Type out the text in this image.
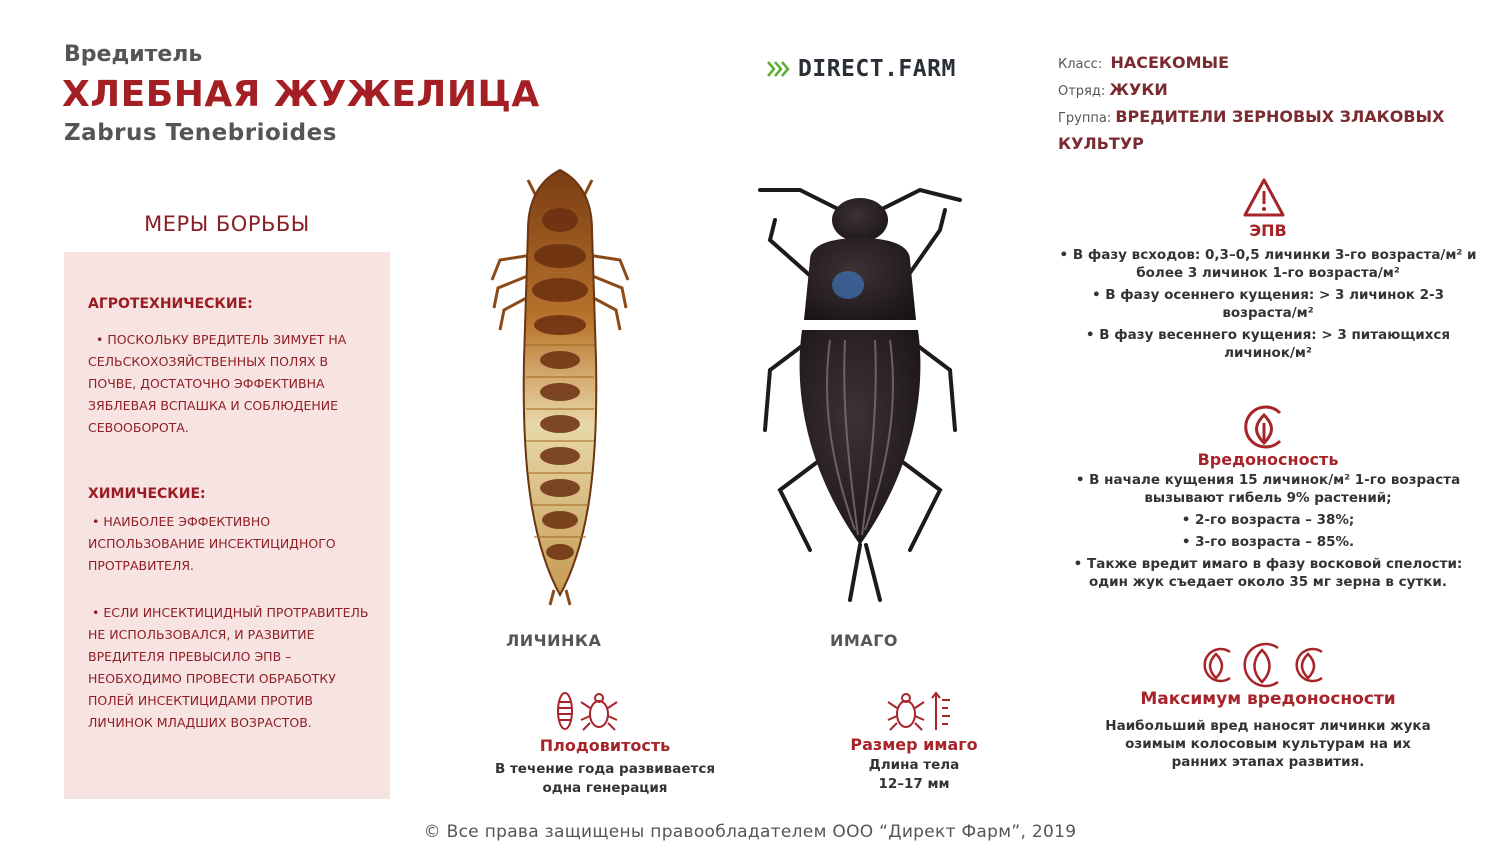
Вредитель
ХЛЕБНАЯ ЖУЖЕЛИЦА
Zabrus Tenebrioides
DIRECT.FARM	Класс: НАСЕКОМЫЕ
Отряд: ЖУКИ
Группа: ВРЕДИТЕЛИ ЗЕРНОВЫХ ЗЛАКОВЫХ КУЛЬТУР
МЕРЫ БОРЬБЫ
АГРОТЕХНИЧЕСКИЕ:
• ПОСКОЛЬКУ ВРЕДИТЕЛЬ ЗИМУЕТ НА СЕЛЬСКОХОЗЯЙСТВЕННЫХ ПОЛЯХ В ПОЧВЕ, ДОСТАТОЧНО ЭФФЕКТИВНА ЗЯБЛЕВАЯ ВСПАШКА И СОБЛЮДЕНИЕ СЕВООБОРОТА.
ХИМИЧЕСКИЕ:
• НАИБОЛЕЕ ЭФФЕКТИВНО ИСПОЛЬЗОВАНИЕ ИНСЕКТИЦИДНОГО ПРОТРАВИТЕЛЯ.
• ЕСЛИ ИНСЕКТИЦИДНЫЙ ПРОТРАВИТЕЛЬ НЕ ИСПОЛЬЗОВАЛСЯ, И РАЗВИТИЕ ВРЕДИТЕЛЯ ПРЕВЫСИЛО ЭПВ – НЕОБХОДИМО ПРОВЕСТИ ОБРАБОТКУ ПОЛЕЙ ИНСЕКТИЦИДАМИ ПРОТИВ ЛИЧИНОК МЛАДШИХ ВОЗРАСТОВ.
ЛИЧИНКА	ИМАГО
Плодовитость
В течение года развивается
одна генерация
Размер имаго
Длина тела
12–17 мм
ЭПВ
• В фазу всходов: 0,3–0,5 личинки 3-го возраста/м² и более 3 личинок 1-го возраста/м²
• В фазу осеннего кущения: > 3 личинок 2-3 возраста/м²
• В фазу весеннего кущения: > 3 питающихся личинок/м²
Вредоносность
• В начале кущения 15 личинок/м² 1-го возраста вызывают гибель 9% растений;
• 2-го возраста – 38%;
• 3-го возраста – 85%.
• Также вредит имаго в фазу восковой спелости: один жук съедает около 35 мг зерна в сутки.
Максимум вредоносности
Наибольший вред наносят личинки жука озимым колосовым культурам на их ранних этапах развития.
© Все права защищены правообладателем ООО “Директ Фарм”, 2019
